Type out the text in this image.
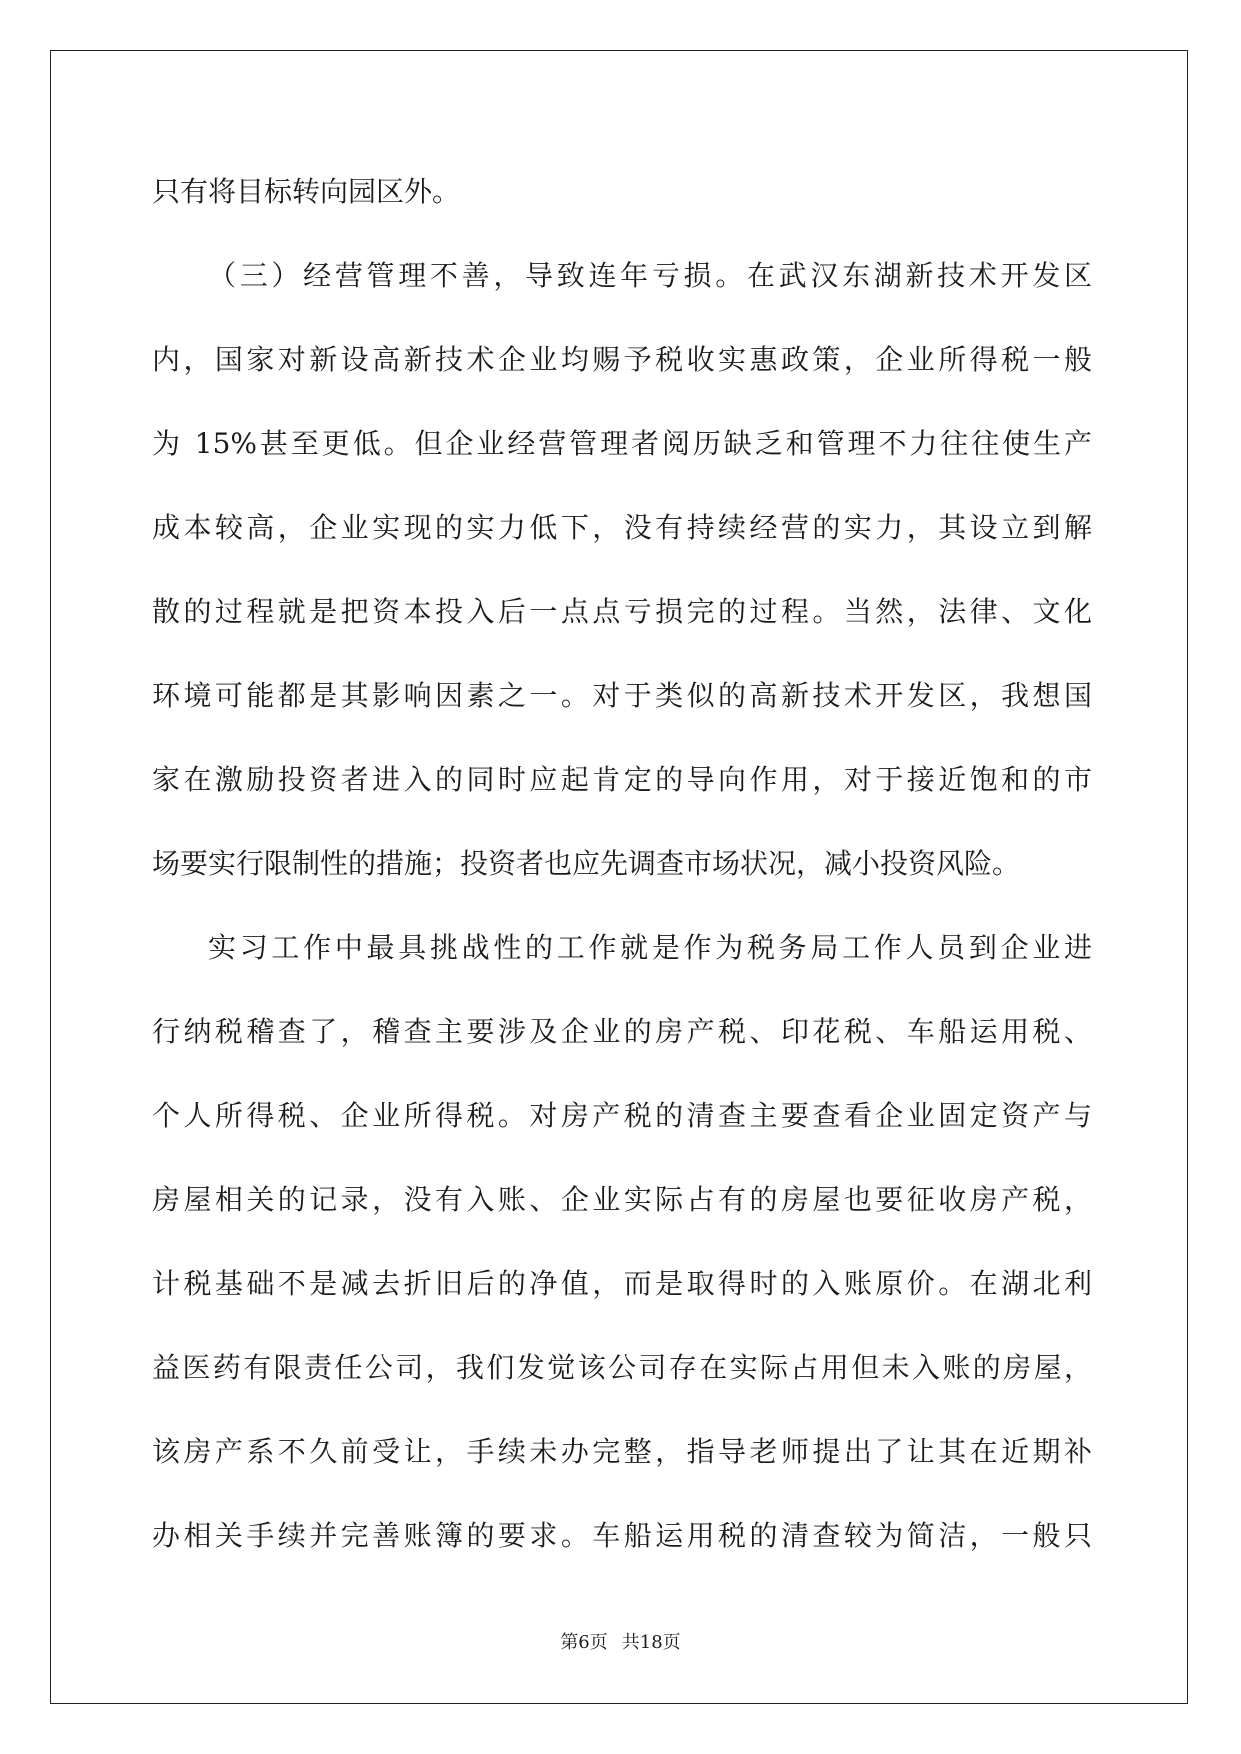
只有将目标转向园区外。
（三）经营管理不善，导致连年亏损。在武汉东湖新技术开发区
内，国家对新设高新技术企业均赐予税收实惠政策，企业所得税一般
为 15%甚至更低。但企业经营管理者阅历缺乏和管理不力往往使生产
成本较高，企业实现的实力低下，没有持续经营的实力，其设立到解
散的过程就是把资本投入后一点点亏损完的过程。当然，法律、文化
环境可能都是其影响因素之一。对于类似的高新技术开发区，我想国
家在激励投资者进入的同时应起肯定的导向作用，对于接近饱和的市
场要实行限制性的措施；投资者也应先调查市场状况，减小投资风险。
实习工作中最具挑战性的工作就是作为税务局工作人员到企业进
行纳税稽查了，稽查主要涉及企业的房产税、印花税、车船运用税、
个人所得税、企业所得税。对房产税的清查主要查看企业固定资产与
房屋相关的记录，没有入账、企业实际占有的房屋也要征收房产税，
计税基础不是减去折旧后的净值，而是取得时的入账原价。在湖北利
益医药有限责任公司，我们发觉该公司存在实际占用但未入账的房屋，
该房产系不久前受让，手续未办完整，指导老师提出了让其在近期补
办相关手续并完善账簿的要求。车船运用税的清查较为简洁，一般只
第6页 共18页
